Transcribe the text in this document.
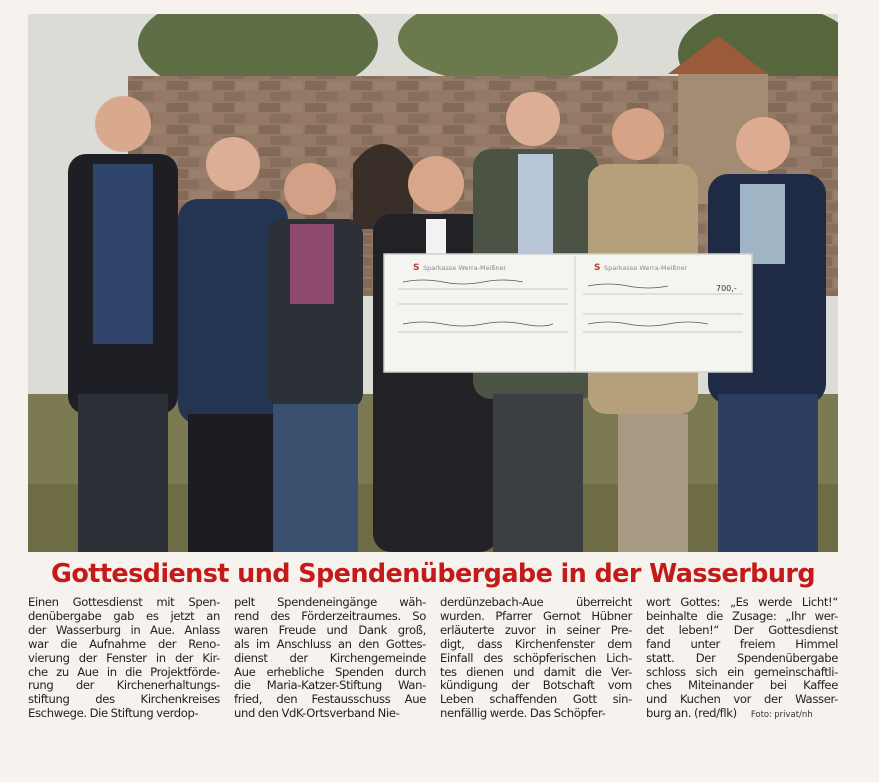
S Sparkasse Werra-Meißner	S Sparkasse Werra-Meißner
700,-
Gottesdienst und Spendenübergabe in der Wasserburg

Einen Gottesdienst mit Spen-
denübergabe gab es jetzt an
der Wasserburg in Aue. Anlass
war die Aufnahme der Reno-
vierung der Fenster in der Kir-
che zu Aue in die Projektförde-
rung der Kirchenerhaltungs-
stiftung des Kirchenkreises
Eschwege. Die Stiftung verdop-

pelt Spendeneingänge wäh-
rend des Förderzeitraumes. So
waren Freude und Dank groß,
als im Anschluss an den Gottes-
dienst der Kirchengemeinde
Aue erhebliche Spenden durch
die Maria-Katzer-Stiftung Wan-
fried, den Festausschuss Aue
und den VdK-Ortsverband Nie-

derdünzebach-Aue überreicht
wurden. Pfarrer Gernot Hübner
erläuterte zuvor in seiner Pre-
digt, dass Kirchenfenster dem
Einfall des schöpferischen Lich-
tes dienen und damit die Ver-
kündigung der Botschaft vom
Leben schaffenden Gott sin-
nenfällig werde. Das Schöpfer-

wort Gottes: „Es werde Licht!“
beinhalte die Zusage: „Ihr wer-
det leben!“ Der Gottesdienst
fand unter freiem Himmel
statt. Der Spendenübergabe
schloss sich ein gemeinschaftli-
ches Miteinander bei Kaffee
und Kuchen vor der Wasser-
burg an. (red/flk) Foto: privat/nh
